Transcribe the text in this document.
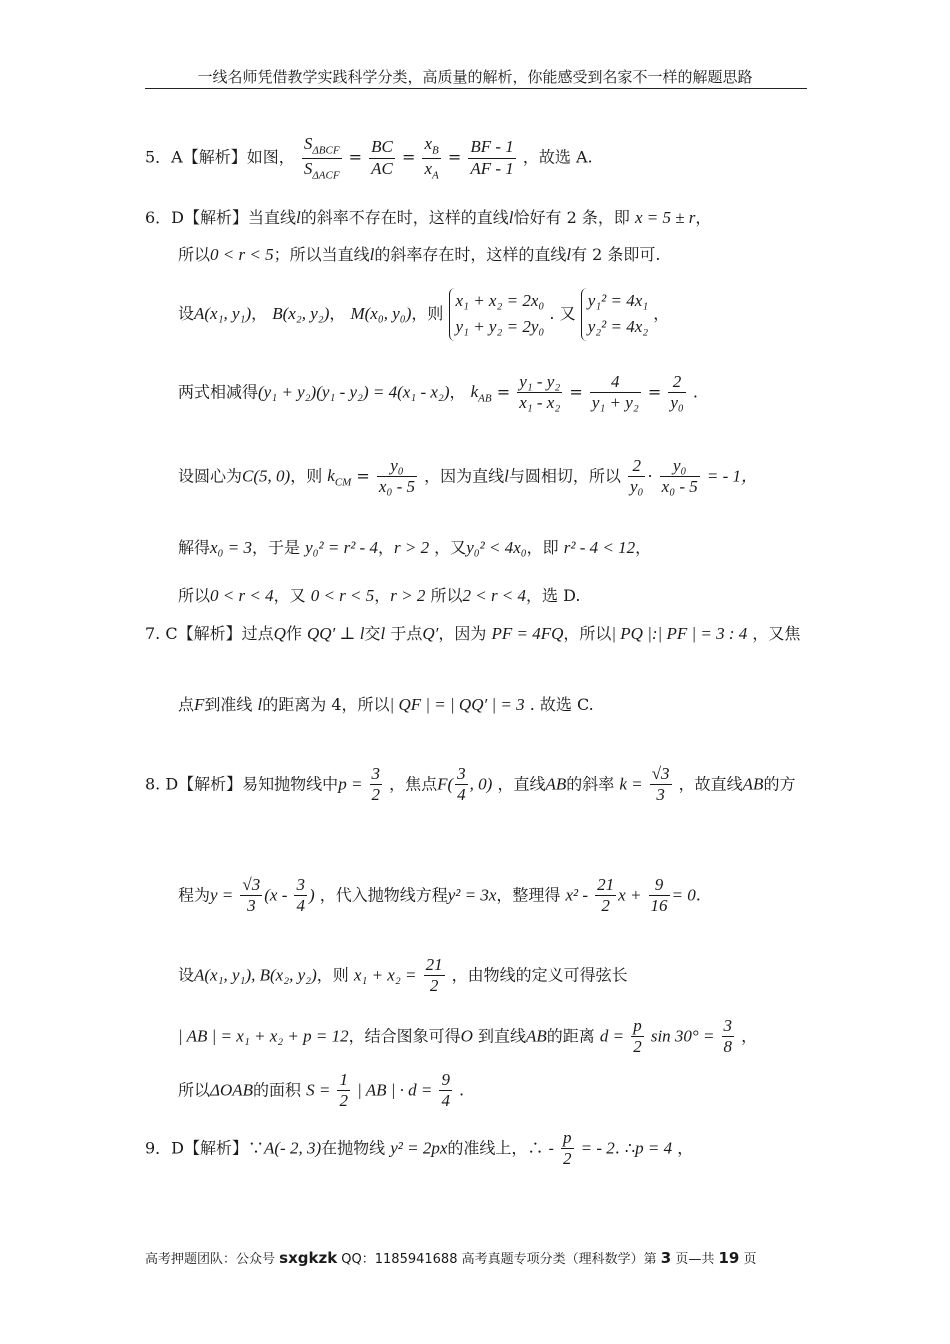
一线名师凭借教学实践科学分类，高质量的解析，你能感受到名家不一样的解题思路
5．A【解析】如图，
$S_{\Delta BCF}$
$S_{\Delta ACF}$
= $\frac{BC}{AC} = \frac{x_B}{x_A} = \frac{BF - 1}{AF - 1}$ ，故选 A.
6．D【解析】当直线l的斜率不存在时，这样的直线l恰好有 2 条，即 x = 5 ± r，
所以0 < r < 5；所以当直线l的斜率存在时，这样的直线l有 2 条即可.
设A(x₁, y₁)， B(x₂, y₂)， M(x₀, y₀)，则
x₁ + x₂ = 2x₀
y₁ + y₂ = 2y₀
. 又
y₁² = 4x₁
y₂² = 4x₂
，
两式相减得(y₁ + y₂)(y₁ - y₂) = 4(x₁ - x₂)， $k_{AB} = \frac{\text{y₁ - y₂}}{\text{x₁ - x₂}} = \frac{4}{\text{y₁ + y₂}} = \frac{2}{\text{y₀}}$ .
设圆心为C(5, 0)，则 $k_{CM} = \frac{\text{y₀}}{\text{x₀ - 5}}$ ，因为直线l与圆相切，所以 $\frac{2}{\text{y₀}} \cdot \frac{\text{y₀}}{\text{x₀ - 5}}$ = - 1，
解得x₀ = 3，于是 y₀² = r² - 4，r > 2 ，又y₀² < 4x₀，即 r² - 4 < 12，
所以0 < r < 4，又 0 < r < 5，r > 2 所以2 < r < 4，选 D.
7. C【解析】过点Q作 QQ′ ⊥ l交l 于点Q′，因为 PF = 4FQ，所以| PQ |:| PF | = 3 : 4 ，又焦
点F到准线 l的距离为 4，所以| QF | = | QQ′ | = 3 . 故选 C.
8. D【解析】易知抛物线中$p = \frac{3}{2}$ ，焦点$F( \frac{3}{4}$ , 0) ，直线AB的斜率 $k = \frac{√3}{3}$ ，故直线AB的方
程为$y = \frac{√3}{3} (x - \frac{3}{4}$ ) ，代入抛物线方程y² = 3x，整理得 $x^2 - \frac{21}{2}$ $x + \frac{9}{16} = 0$.
设A(x₁, y₁), B(x₂, y₂)，则 $x_1 + x_2 = \frac{21}{2}$ ，由物线的定义可得弦长
| AB | = x₁ + x₂ + p = 12，结合图象可得O 到直线AB的距离 $d = \frac{p}{2}$ $\sin 30^\circ = \frac{3}{8}$ ，
所以ΔOAB的面积 $S = \frac{1}{2}$ | AB | · $d = \frac{9}{4}$ .
9．D【解析】∵A(- 2, 3)在抛物线 y² = 2px的准线上，∴ - $\frac{p}{2}$ = - 2. ∴p = 4 ，
高考押题团队：公众号 sxgkzk QQ：1185941688 高考真题专项分类（理科数学）第 3 页—共 19 页
